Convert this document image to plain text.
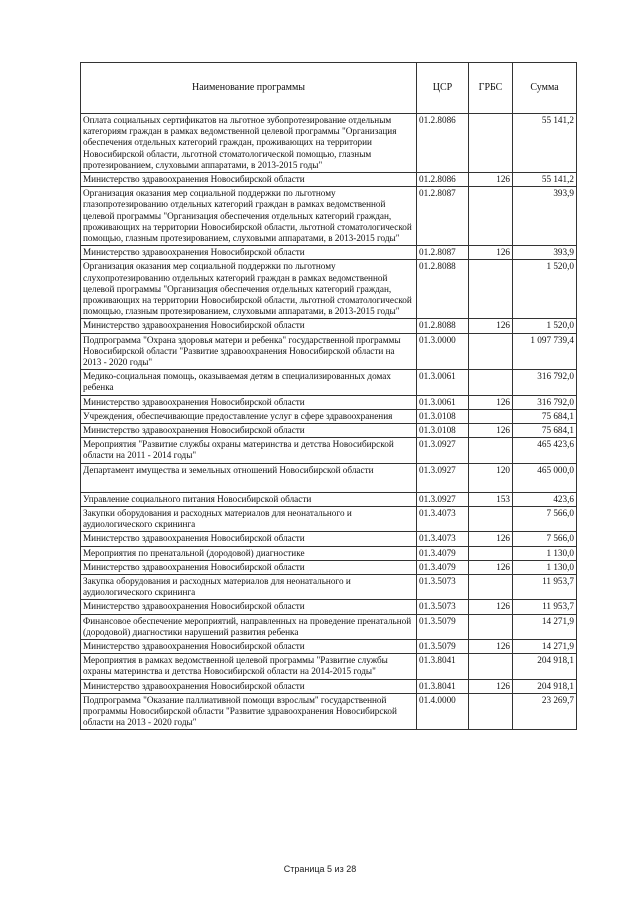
Наименование программы	ЦСР	ГРБС	Сумма
Оплата социальных сертификатов на льготное зубопротезирование отдельным категориям граждан в рамках ведомственной целевой программы "Организация обеспечения отдельных категорий граждан, проживающих на территории Новосибирской области, льготной стоматологической помощью, глазным протезированием, слуховыми аппаратами, в 2013-2015 годы"	01.2.8086		55 141,2
Министерство здравоохранения Новосибирской области	01.2.8086	126	55 141,2
Организация оказания мер социальной поддержки по льготному глазопротезированию отдельных категорий граждан в рамках ведомственной целевой программы "Организация обеспечения отдельных категорий граждан, проживающих на территории Новосибирской области, льготной стоматологической помощью, глазным протезированием, слуховыми аппаратами, в 2013-2015 годы"	01.2.8087		393,9
Министерство здравоохранения Новосибирской области	01.2.8087	126	393,9
Организация оказания мер социальной поддержки по льготному слухопротезированию отдельных категорий граждан в рамках ведомственной целевой программы "Организация обеспечения отдельных категорий граждан, проживающих на территории Новосибирской области, льготной стоматологической помощью, глазным протезированием, слуховыми аппаратами, в 2013-2015 годы"	01.2.8088		1 520,0
Министерство здравоохранения Новосибирской области	01.2.8088	126	1 520,0
Подпрограмма "Охрана здоровья матери и ребенка" государственной программы Новосибирской области "Развитие здравоохранения Новосибирской области на 2013 - 2020 годы"	01.3.0000		1 097 739,4
Медико-социальная помощь, оказываемая детям в специализированных домах ребенка	01.3.0061		316 792,0
Министерство здравоохранения Новосибирской области	01.3.0061	126	316 792,0
Учреждения, обеспечивающие предоставление услуг в сфере здравоохранения	01.3.0108		75 684,1
Министерство здравоохранения Новосибирской области	01.3.0108	126	75 684,1
Мероприятия "Развитие службы охраны материнства и детства Новосибирской области на 2011 - 2014 годы"	01.3.0927		465 423,6
Департамент имущества и земельных отношений Новосибирской области	01.3.0927	120	465 000,0
Управление социального питания Новосибирской области	01.3.0927	153	423,6
Закупки оборудования и расходных материалов для неонатального и аудиологического скрининга	01.3.4073		7 566,0
Министерство здравоохранения Новосибирской области	01.3.4073	126	7 566,0
Мероприятия по пренатальной (дородовой) диагностике	01.3.4079		1 130,0
Министерство здравоохранения Новосибирской области	01.3.4079	126	1 130,0
Закупка оборудования и расходных материалов для неонатального и аудиологического скрининга	01.3.5073		11 953,7
Министерство здравоохранения Новосибирской области	01.3.5073	126	11 953,7
Финансовое обеспечение мероприятий, направленных на проведение пренатальной (дородовой) диагностики нарушений развития ребенка	01.3.5079		14 271,9
Министерство здравоохранения Новосибирской области	01.3.5079	126	14 271,9
Мероприятия в рамках ведомственной целевой программы "Развитие службы охраны материнства и детства Новосибирской области на 2014-2015 годы"	01.3.8041		204 918,1
Министерство здравоохранения Новосибирской области	01.3.8041	126	204 918,1
Подпрограмма "Оказание паллиативной помощи взрослым" государственной программы Новосибирской области "Развитие здравоохранения Новосибирской области на 2013 - 2020 годы"	01.4.0000		23 269,7
Страница 5 из 28
